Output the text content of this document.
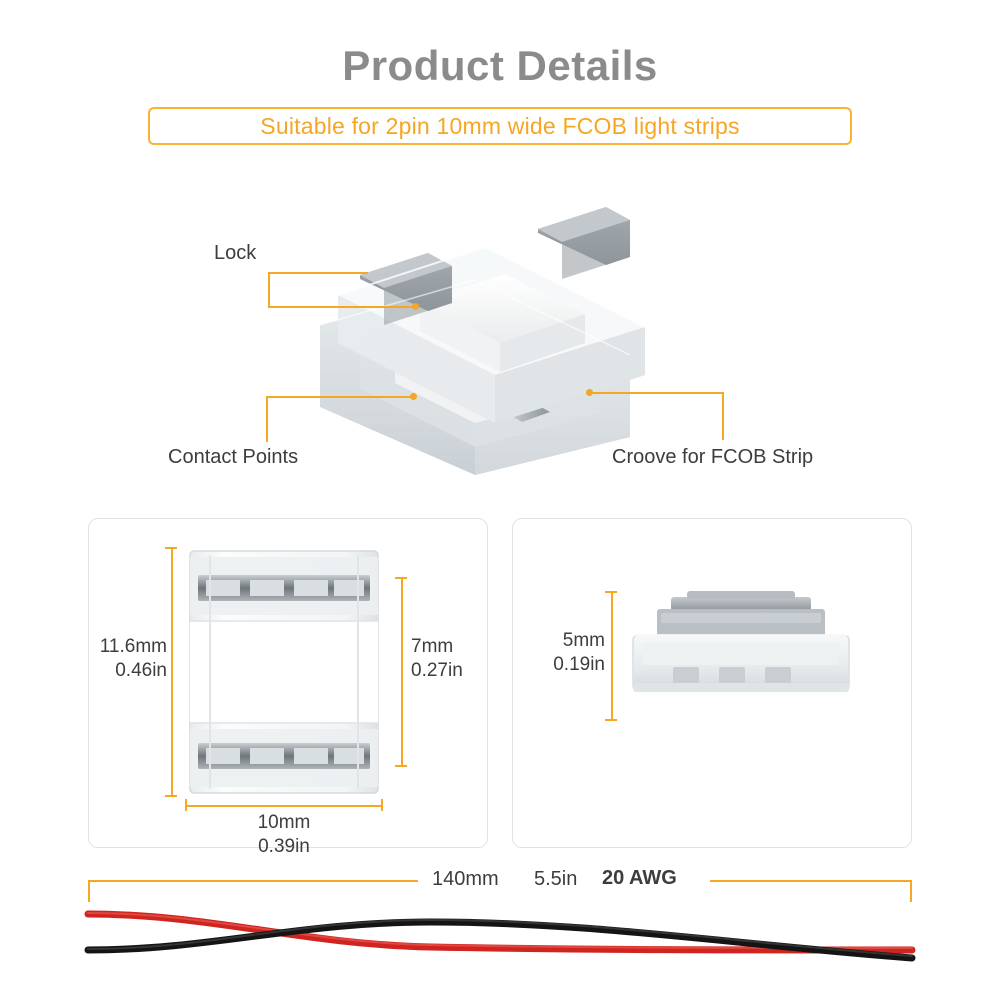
Product Details
Suitable for 2pin 10mm wide FCOB light strips
Lock
Contact Points	Croove for FCOB Strip
11.6mm
0.46in
7mm
0.27in
10mm
0.39in
5mm
0.19in
140mm	5.5in	20 AWG
